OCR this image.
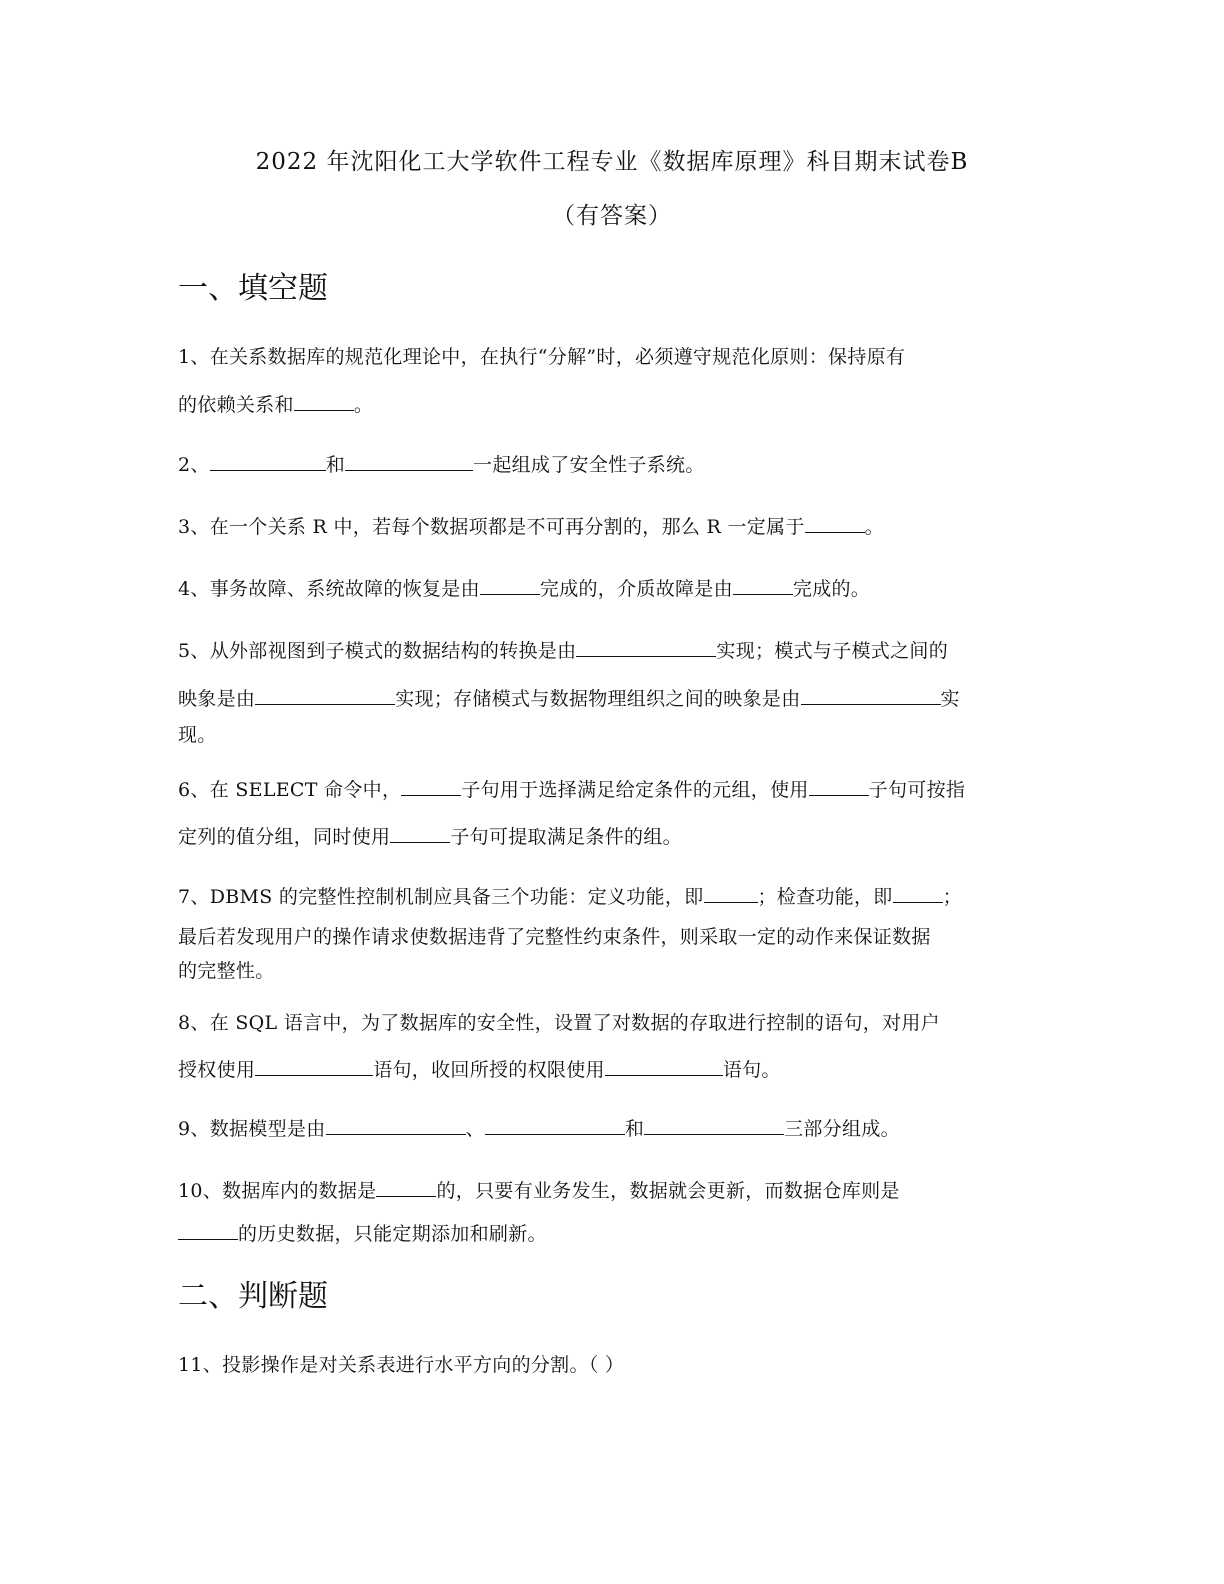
2022 年沈阳化工大学软件工程专业《数据库原理》科目期末试卷B
（有答案）
一、填空题
1、在关系数据库的规范化理论中，在执行“分解”时，必须遵守规范化原则：保持原有
的依赖关系和	。
2、	和	一起组成了安全性子系统。
3、在一个关系 R 中，若每个数据项都是不可再分割的，那么 R 一定属于	。
4、事务故障、系统故障的恢复是由	完成的，介质故障是由	完成的。
5、从外部视图到子模式的数据结构的转换是由	实现；模式与子模式之间的
映象是由	实现；存储模式与数据物理组织之间的映象是由	实
现。
6、在 SELECT 命令中，	子句用于选择满足给定条件的元组，使用	子句可按指
定列的值分组，同时使用	子句可提取满足条件的组。
7、DBMS 的完整性控制机制应具备三个功能：定义功能，即	；检查功能，即	；
最后若发现用户的操作请求使数据违背了完整性约束条件，则采取一定的动作来保证数据
的完整性。
8、在 SQL 语言中，为了数据库的安全性，设置了对数据的存取进行控制的语句，对用户
授权使用	语句，收回所授的权限使用	语句。
9、数据模型是由	、	和	三部分组成。
10、数据库内的数据是	的，只要有业务发生，数据就会更新，而数据仓库则是
的历史数据，只能定期添加和刷新。
二、判断题
11、投影操作是对关系表进行水平方向的分割。（ ）
